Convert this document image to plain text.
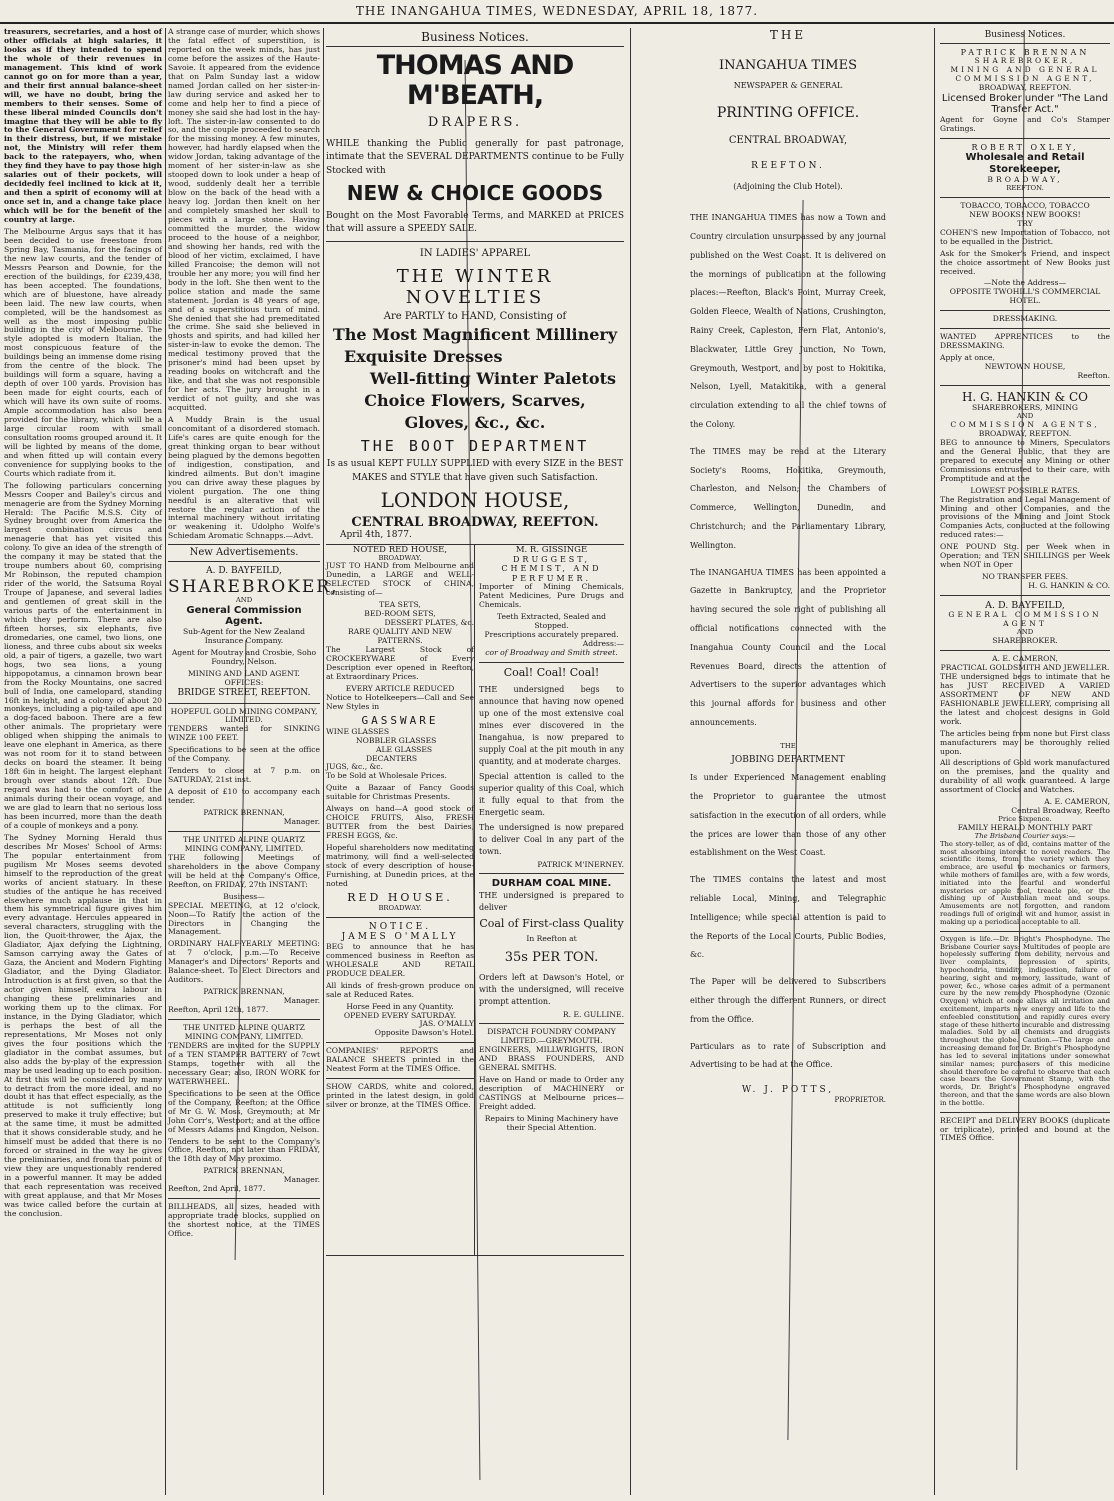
THE INANGAHUA TIMES, WEDNESDAY, APRIL 18, 1877.

treasurers, secretaries, and a host of other officials at high salaries, it looks as if they intended to spend the whole of their revenues in management. This kind of work cannot go on for more than a year, and their first annual balance-sheet will, we have no doubt, bring the members to their senses. Some of these liberal minded Councils don't imagine that they will be able to fly to the General Government for relief in their distress, but, if we mistake not, the Ministry will refer them back to the ratepayers, who, when they find they have to pay those high salaries out of their pockets, will decidedly feel inclined to kick at it, and then a spirit of economy will at once set in, and a change take place which will be for the benefit of the country at large.

The Melbourne Argus says that it has been decided to use freestone from Spring Bay, Tasmania, for the facings of the new law courts, and the tender of Messrs Pearson and Downie, for the erection of the buildings, for £239,438, has been accepted. The foundations, which are of bluestone, have already been laid. The new law courts, when completed, will be the handsomest as well as the most imposing public building in the city of Melbourne. The style adopted is modern Italian, the most conspicuous feature of the buildings being an immense dome rising from the centre of the block. The buildings will form a square, having a depth of over 100 yards. Provision has been made for eight courts, each of which will have its own suite of rooms. Ample accommodation has also been provided for the library, which will be a large circular room with small consultation rooms grouped around it. It will be lighted by means of the dome, and when fitted up will contain every convenience for supplying books to the Courts which radiate from it.

The following particulars concerning Messrs Cooper and Bailey's circus and menagerie are from the Sydney Morning Herald: The Pacific M.S.S. City of Sydney brought over from America the largest combination circus and menagerie that has yet visited this colony. To give an idea of the strength of the company it may be stated that the troupe numbers about 60, comprising Mr Robinson, the reputed champion rider of the world, the Satsuma Royal Troupe of Japanese, and several ladies and gentlemen of great skill in the various parts of the entertainment in which they perform. There are also fifteen horses, six elephants, five dromedaries, one camel, two lions, one lioness, and three cubs about six weeks old, a pair of tigers, a gazelle, two wart hogs, two sea lions, a young hippopotamus, a cinnamon brown bear from the Rocky Mountains, one sacred bull of India, one camelopard, standing 16ft in height, and a colony of about 20 monkeys, including a pig-tailed ape and a dog-faced baboon. There are a few other animals. The proprietary were obliged when shipping the animals to leave one elephant in America, as there was not room for it to stand between decks on board the steamer. It being 18ft 6in in height. The largest elephant brough over stands about 12ft. Due regard was had to the comfort of the animals during their ocean voyage, and we are glad to learn that no serious loss has been incurred, more than the death of a couple of monkeys and a pony.

The Sydney Morning Herald thus describes Mr Moses' School of Arms: The popular entertainment from pugilism Mr Moses seems devoted himself to the reproduction of the great works of ancient statuary. In these studies of the antique he has received elsewhere much applause in that in them his symmetrical figure gives him every advantage. Hercules appeared in several characters, struggling with the lion, the Quoit-thrower, the Ajax, the Gladiator, Ajax defying the Lightning, Samson carrying away the Gates of Gaza, the Ancient and Modern Fighting Gladiator, and the Dying Gladiator. Introduction is at first given, so that the actor given himself, extra labour in changing these preliminaries and working them up to the climax. For instance, in the Dying Gladiator, which is perhaps the best of all the representations, Mr Moses not only gives the four positions which the gladiator in the combat assumes, but also adds the by-play of the expression may be used leading up to each position. At first this will be considered by many to detract from the more ideal, and no doubt it has that effect especially, as the attitude is not sufficiently long preserved to make it truly effective; but at the same time, it must be admitted that it shows considerable study, and he himself must be added that there is no forced or strained in the way he gives the preliminaries, and from that point of view they are unquestionably rendered in a powerful manner. It may be added that each representation was received with great applause, and that Mr Moses was twice called before the curtain at the conclusion.

A strange case of murder, which shows the fatal effect of superstition, is reported on the week minds, has just come before the assizes of the Haute-Savoie. It appeared from the evidence that on Palm Sunday last a widow named Jordan called on her sister-in-law during service and asked her to come and help her to find a piece of money she said she had lost in the hay-loft. The sister-in-law consented to do so, and the couple proceeded to search for the missing money. A few minutes, however, had hardly elapsed when the widow Jordan, taking advantage of the moment of her sister-in-law as she stooped down to look under a heap of wood, suddenly dealt her a terrible blow on the back of the head with a heavy log. Jordan then knelt on her and completely smashed her skull to pieces with a large stone. Having committed the murder, the widow proceed to the house of a neighbor, and showing her hands, red with the blood of her victim, exclaimed, I have killed Francoise; the demon will not trouble her any more; you will find her body in the loft. She then went to the police station and made the same statement. Jordan is 48 years of age, and of a superstitious turn of mind. She denied that she had premeditated the crime. She said she believed in ghosts and spirits, and had killed her sister-in-law to evoke the demon. The medical testimony proved that the prisoner's mind had been upset by reading books on witchcraft and the like, and that she was not responsible for her acts. The jury brought in a verdict of not guilty, and she was acquitted.

A Muddy Brain is the usual concomitant of a disordered stomach. Life's cares are quite enough for the great thinking organ to bear without being plagued by the demons begotten of indigestion, constipation, and kindred ailments. But don't imagine you can drive away these plagues by violent purgation. The one thing needful is an alterative that will restore the regular action of the internal machinery without irritating or weakening it. Udolpho Wolfe's Schiedam Aromatic Schnapps.—Advt.

New Advertisements.
A. D. BAYFEILD,
SHAREBROKER,
AND
General Commission Agent.

Sub-Agent for the New Zealand Insurance Company.

Agent for Moutray and Crosbie, Soho Foundry, Nelson.

MINING AND LAND AGENT.
OFFICES:
BRIDGE STREET, REEFTON.
HOPEFUL GOLD MINING COMPANY, LIMITED.

TENDERS wanted for SINKING WINZE 100 FEET.

Specifications to be seen at the office of the Company.

Tenders to close at 7 p.m. on SATURDAY, 21st inst.

A deposit of £10 to accompany each tender.

PATRICK BRENNAN,
Manager.
THE UNITED ALPINE QUARTZ MINING COMPANY, LIMITED.

THE following Meetings of shareholders in the above Company will be held at the Company's Office, Reefton, on FRIDAY, 27th INSTANT:

Business—

SPECIAL MEETING, at 12 o'clock, Noon—To Ratify the action of the Directors in Changing the Management.

ORDINARY HALF-YEARLY MEETING: at 7 o'clock, p.m.—To Receive Manager's and Directors' Reports and Balance-sheet. To Elect Directors and Auditors.

PATRICK BRENNAN,
Manager.
Reefton, April 12th, 1877.
THE UNITED ALPINE QUARTZ MINING COMPANY, LIMITED.

TENDERS are invited for the SUPPLY of a TEN STAMPER BATTERY of 7cwt Stamps, together with all the necessary Gear; also, IRON WORK for WATERWHEEL.

Specifications to be seen at the Office of the Company, Reefton; at the Office of Mr G. W. Moss, Greymouth; at Mr John Corr's, Westport; and at the office of Messrs Adams and Kingdon, Nelson.

Tenders to be sent to the Company's Office, Reefton, not later than FRIDAY, the 18th day of May proximo.

PATRICK BRENNAN,
Manager.
Reefton, 2nd April, 1877.

BILLHEADS, all sizes, headed with appropriate trade blocks, supplied on the shortest notice, at the TIMES Office.

Business Notices.
THOMAS AND M'BEATH,
DRAPERS.

WHILE thanking the Public generally for past patronage, intimate that the SEVERAL DEPARTMENTS continue to be Fully Stocked with

NEW & CHOICE GOODS

Bought on the Most Favorable Terms, and MARKED at PRICES that will assure a SPEEDY SALE.

IN LADIES' APPAREL
THE WINTER NOVELTIES
Are PARTLY to HAND, Consisting of
The Most Magnificent Millinery
Exquisite Dresses
Well-fitting Winter Paletots
Choice Flowers, Scarves,
Gloves, &c., &c.
THE BOOT DEPARTMENT

Is as usual KEPT FULLY SUPPLIED with every SIZE in the BEST MAKES and STYLE that have given such Satisfaction.

LONDON HOUSE,
CENTRAL BROADWAY, REEFTON.
April 4th, 1877.
NOTED RED HOUSE,
BROADWAY.

JUST TO HAND from Melbourne and Dunedin, a LARGE and WELL-SELECTED STOCK of CHINA, consisting of—

TEA SETS,
BED-ROOM SETS,
DESSERT PLATES, &c.
RARE QUALITY AND NEW PATTERNS.

The Largest Stock of CROCKERYWARE of Every Description ever opened in Reefton, at Extraordinary Prices.

EVERY ARTICLE REDUCED

Notice to Hotelkeepers—Call and See New Styles in

GASSWARE
WINE GLASSES
NOBBLER GLASSES
ALE GLASSES
DECANTERS
JUGS, &c., &c.

To be Sold at Wholesale Prices.

Quite a Bazaar of Fancy Goods suitable for Christmas Presents.

Always on hand—A good stock of CHOICE FRUITS, Also, FRESH BUTTER from the best Dairies, FRESH EGGS, &c.

Hopeful shareholders now meditating matrimony, will find a well-selected stock of every description of house-Furnishing, at Dunedin prices, at the noted

RED HOUSE.
BROADWAY.
NOTICE.
JAMES O'MALLY

BEG to announce that he has commenced business in Reefton as WHOLESALE AND RETAIL PRODUCE DEALER.

All kinds of fresh-grown produce on sale at Reduced Rates.

Horse Feed in any Quantity.
OPENED EVERY SATURDAY.
JAS. O'MALLY
Opposite Dawson's Hotel.

COMPANIES' REPORTS and BALANCE SHEETS printed in the Neatest Form at the TIMES Office.

SHOW CARDS, white and colored, printed in the latest design, in gold silver or bronze, at the TIMES Office.

M. R. GISSINGE
DRUGGEST, CHEMIST, AND PERFUMER.

Importer of Mining Chemicals, Patent Medicines, Pure Drugs and Chemicals.

Teeth Extracted, Sealed and Stopped.
Prescriptions accurately prepared.
Address:—
cor of Broadway and Smith street.
Coal! Coal! Coal!

THE undersigned begs to announce that having now opened up one of the most extensive coal mines ever discovered in the Inangahua, is now prepared to supply Coal at the pit mouth in any quantity, and at moderate charges.

Special attention is called to the superior quality of this Coal, which it fully equal to that from the Energetic seam.

The undersigned is now prepared to deliver Coal in any part of the town.

PATRICK M'INERNEY.
DURHAM COAL MINE.

THE undersigned is prepared to deliver

Coal of First-class Quality
In Reefton at
35s PER TON.

Orders left at Dawson's Hotel, or with the undersigned, will receive prompt attention.

R. E. GULLINE.
DISPATCH FOUNDRY COMPANY LIMITED.—GREYMOUTH.

ENGINEERS, MILLWRIGHTS, IRON AND BRASS FOUNDERS, AND GENERAL SMITHS.

Have on Hand or made to Order any description of MACHINERY or CASTINGS at Melbourne prices—Freight added.

Repairs to Mining Machinery have their Special Attention.

THE
INANGAHUA TIMES
NEWSPAPER & GENERAL
PRINTING OFFICE.
CENTRAL BROADWAY,
REEFTON.
(Adjoining the Club Hotel).

THE INANGAHUA TIMES has now a Town and Country circulation unsurpassed by any journal published on the West Coast. It is delivered on the mornings of publication at the following places:—Reefton, Black's Point, Murray Creek, Golden Fleece, Wealth of Nations, Crushington, Rainy Creek, Capleston, Fern Flat, Antonio's, Blackwater, Little Grey Junction, No Town, Greymouth, Westport, and by post to Hokitika, Nelson, Lyell, Matakitika, with a general circulation extending to all the chief towns of the Colony.

The TIMES may be read at the Literary Society's Rooms, Hokitika, Greymouth, Charleston, and Nelson; the Chambers of Commerce, Wellington, Dunedin, and Christchurch; and the Parliamentary Library, Wellington.

The INANGAHUA TIMES has been appointed a Gazette in Bankruptcy, and the Proprietor having secured the sole right of publishing all official notifications connected with the Inangahua County Council and the Local Revenues Board, directs the attention of Advertisers to the superior advantages which this journal affords for business and other announcements.

THE
JOBBING DEPARTMENT

Is under Experienced Management enabling the Proprietor to guarantee the utmost satisfaction in the execution of all orders, while the prices are lower than those of any other establishment on the West Coast.

The TIMES contains the latest and most reliable Local, Mining, and Telegraphic Intelligence; while special attention is paid to the Reports of the Local Courts, Public Bodies, &c.

The Paper will be delivered to Subscribers either through the different Runners, or direct from the Office.

Particulars as to rate of Subscription and Advertising to be had at the Office.

W. J. POTTS,
PROPRIETOR.
Business Notices.
PATRICK BRENNAN
SHAREBROKER,
MINING AND GENERAL COMMISSION AGENT,
BROADWAY, REEFTON.
Licensed Broker under "The Land Transfer Act."

Agent for Goyne and Co's Stamper Gratings.

ROBERT OXLEY,
Wholesale and Retail Storekeeper,
BROADWAY,
REEFTON.
TOBACCO, TOBACCO, TOBACCO
NEW BOOKS! NEW BOOKS!
TRY

COHEN'S new Importation of Tobacco, not to be equalled in the District.

Ask for the Smoker's Friend, and inspect the choice assortment of New Books just received.

—Note the Address—
OPPOSITE TWOHILL'S COMMERCIAL HOTEL.
DRESSMAKING.

WANTED APPRENTICES to the DRESSMAKING.

Apply at once,
NEWTOWN HOUSE,
Reefton.
H. G. HANKIN & CO
SHAREBROKERS, MINING
AND
COMMISSION AGENTS,
BROADWAY, REEFTON.

BEG to announce to Miners, Speculators and the General Public, that they are prepared to execute any Mining or other Commissions entrusted to their care, with Promptitude and at the

LOWEST POSSIBLE RATES.

The Registration and Legal Management of Mining and other Companies, and the provisions of the Mining and Joint Stock Companies Acts, conducted at the following reduced rates:—

ONE POUND Stg. per Week when in Operation; and TEN SHILLINGS per Week when NOT in Oper

NO TRANSFER FEES.
H. G. HANKIN & CO.
A. D. BAYFEILD,
GENERAL COMMISSION AGENT
AND
SHAREBROKER.
A. E. CAMERON,
PRACTICAL GOLDSMITH AND JEWELLER.

THE undersigned begs to intimate that he has JUST RECEIVED A VARIED ASSORTMENT OF NEW AND FASHIONABLE JEWELLERY, comprising all the latest and choicest designs in Gold work.

The articles being from none but First class manufacturers may be thoroughly relied upon.

All descriptions of Gold work manufactured on the premises, and the quality and durability of all work guaranteed. A large assortment of Clocks and Watches.

A. E. CAMERON,
Central Broadway, Reefto
Price Sixpence.
FAMILY HERALD MONTHLY PART
The Brisbane Courier says:—

The story-teller, as of old, contains matter of the most absorbing interest to novel readers. The scientific items, from the variety which they embrace, are useful to mechanics or farmers, while mothers of families are, with a few words, initiated into the fearful and wonderful mysteries or apple fool, treacle pie, or the dishing up of Australian meat and soups. Amusements are not forgotten, and random readings full of original wit and humor, assist in making up a periodical acceptable to all.

Oxygen is life.—Dr. Bright's Phosphodyne. The Brisbane Courier says: Multitudes of people are hopelessly suffering from debility, nervous and liver complaints, depression of spirits, hypochondria, timidity, indigestion, failure of hearing, sight and memory, lassitude, want of power, &c., whose cases admit of a permanent cure by the new remedy Phosphodyne (Ozonic Oxygen) which at once allays all irritation and excitement, imparts new energy and life to the enfeebled constitution, and rapidly cures every stage of these hitherto incurable and distressing maladies. Sold by all chemists and druggists throughout the globe. Caution.—The large and increasing demand for Dr. Bright's Phosphodyne has led to several imitations under somewhat similar names; purchasers of this medicine should therefore be careful to observe that each case bears the Government Stamp, with the words, Dr. Bright's Phosphodyne engraved thereon, and that the same words are also blown in the bottle.

RECEIPT and DELIVERY BOOKS (duplicate or triplicate), printed and bound at the TIMES Office.
